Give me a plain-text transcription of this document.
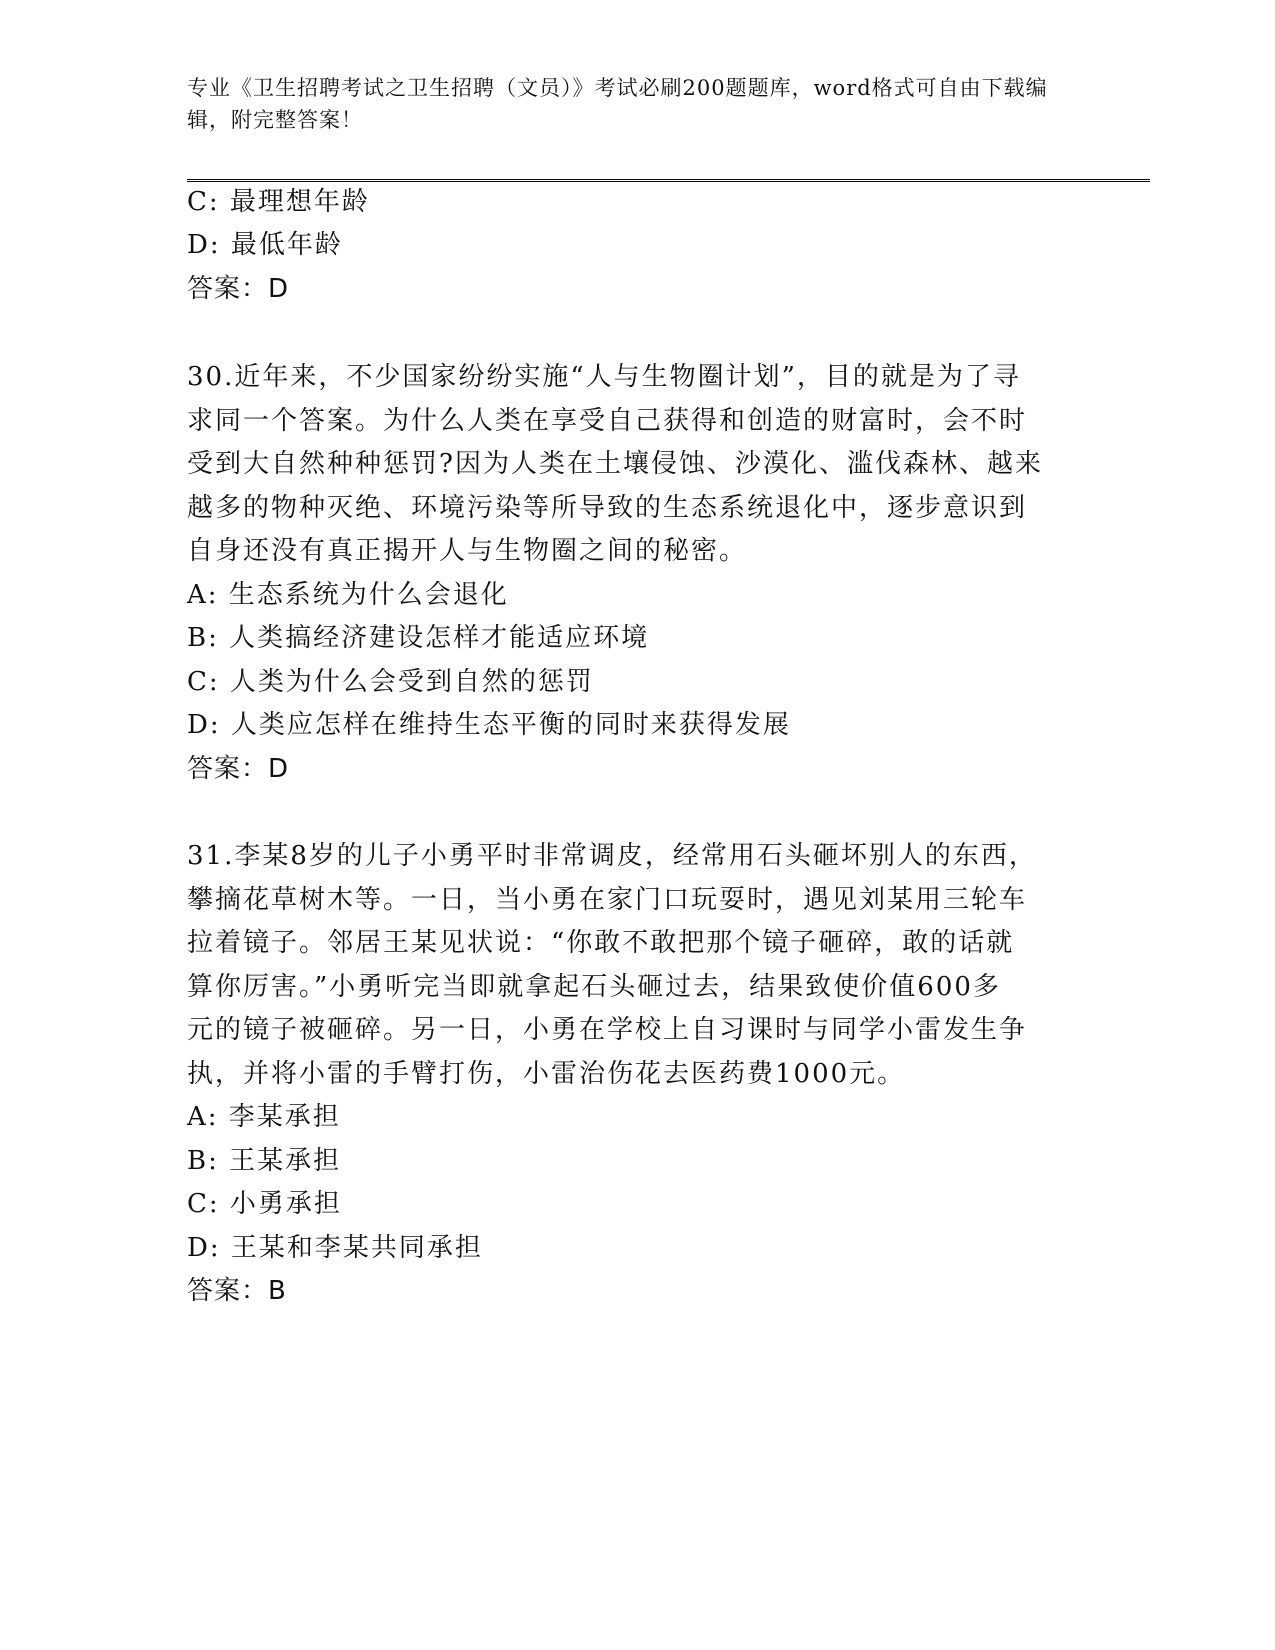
专业《卫生招聘考试之卫生招聘（文员）》考试必刷200题题库，word格式可自由下载编辑，附完整答案！
C: 最理想年龄
D: 最低年龄
答案：D
30.近年来，不少国家纷纷实施“人与生物圈计划”，目的就是为了寻
求同一个答案。为什么人类在享受自己获得和创造的财富时，会不时
受到大自然种种惩罚?因为人类在土壤侵蚀、沙漠化、滥伐森林、越来
越多的物种灭绝、环境污染等所导致的生态系统退化中，逐步意识到
自身还没有真正揭开人与生物圈之间的秘密。
A: 生态系统为什么会退化
B: 人类搞经济建设怎样才能适应环境
C: 人类为什么会受到自然的惩罚
D: 人类应怎样在维持生态平衡的同时来获得发展
答案：D
31.李某8岁的儿子小勇平时非常调皮，经常用石头砸坏别人的东西，
攀摘花草树木等。一日，当小勇在家门口玩耍时，遇见刘某用三轮车
拉着镜子。邻居王某见状说：“你敢不敢把那个镜子砸碎，敢的话就
算你厉害。”小勇听完当即就拿起石头砸过去，结果致使价值600多
元的镜子被砸碎。另一日，小勇在学校上自习课时与同学小雷发生争
执，并将小雷的手臂打伤，小雷治伤花去医药费1000元。
A: 李某承担
B: 王某承担
C: 小勇承担
D: 王某和李某共同承担
答案：B
